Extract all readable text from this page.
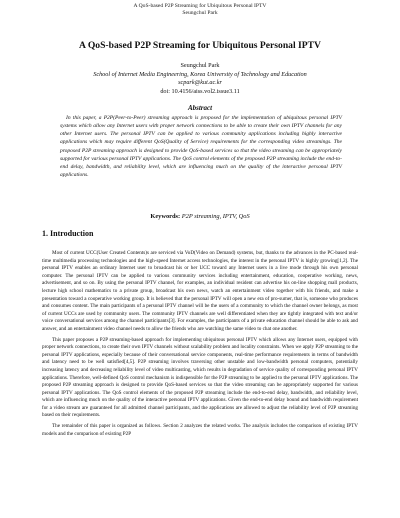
A QoS-based P2P Streaming for Ubiquitous Personal IPTV
Seungchul Park
A QoS-based P2P Streaming for Ubiquitous Personal IPTV
Seungchul Park
School of Internet Media Engineering, Korea University of Technology and Education
scpark@kut.ac.kr
doi: 10.4156/aiss.vol2.issue3.11
Abstract

In this paper, a P2P(Peer-to-Peer) streaming approach is proposed for the implementation of ubiquitous personal IPTV systems which allow any Internet users with proper network connections to be able to create their own IPTV channels for any other Internet users. The personal IPTV can be applied to various community applications including highly interactive applications which may require different QoS(Quality of Service) requirements for the corresponding video streamings. The proposed P2P streaming approach is designed to provide QoS-based services so that the video streaming can be appropriately supported for various personal IPTV applications. The QoS control elements of the proposed P2P streaming include the end-to-end delay, bandwidth, and reliability level, which are influencing much on the quality of the interactive personal IPTV applications.

Keywords: P2P streaming, IPTV, QoS
1. Introduction

Most of current UCC(User Created Contents)s are serviced via VoD(Video on Demand) systems, but, thanks to the advances in the PC-based real-time multimedia processing technologies and the high-speed Internet access technologies, the interest in the personal IPTV is highly growing[1,2]. The personal IPTV enables an ordinary Internet user to broadcast his or her UCC toward any Internet users in a live mode through his own personal computer. The personal IPTV can be applied to various community services including entertainment, education, cooperative working, news, advertisement, and so on. By using the personal IPTV channel, for examples, an individual resident can advertise his on-line shopping mall products, lecture high school mathematics to a private group, broadcast his own news, watch an entertainment video together with his friends, and make a presentation toward a cooperative working group. It is believed that the personal IPTV will open a new era of pro-sumer, that is, someone who produces and consumes content. The main participants of a personal IPTV channel will be the users of a community to which the channel owner belongs, as most of current UCCs are used by community users. The community IPTV channels are well differentiated when they are tightly integrated with text and/or voice conversational services among the channel participants[3]. For examples, the participants of a private education channel should be able to ask and answer, and an entertainment video channel needs to allow the friends who are watching the same video to chat one another.

This paper proposes a P2P streaming-based approach for implementing ubiquitous personal IPTV which allows any Internet users, equipped with proper network connections, to create their own IPTV channels without scalability problem and locality constraints. When we apply P2P streaming to the personal IPTV applications, especially because of their conversational service components, real-time performance requirements in terms of bandwidth and latency need to be well satisfied[4,5]. P2P streaming involves traversing other unstable and low-bandwidth personal computers, potentially increasing latency and decreasing reliability level of video multicasting, which results in degradation of service quality of corresponding personal IPTV applications. Therefore, well-defined QoS control mechanism is indispensible for the P2P streaming to be applied to the personal IPTV applications. The proposed P2P streaming approach is designed to provide QoS-based services so that the video streaming can be appropriately supported for various personal IPTV applications. The QoS control elements of the proposed P2P streaming include the end-to-end delay, bandwidth, and reliability level, which are influencing much on the quality of the interactive personal IPTV applications. Given the end-to-end delay bound and bandwidth requirement for a video stream are guaranteed for all admitted channel participants, and the applications are allowed to adjust the reliability level of P2P streaming based on their requirements.

The remainder of this paper is organized as follows. Section 2 analyzes the related works. The analysis includes the comparison of existing IPTV models and the comparison of existing P2P
